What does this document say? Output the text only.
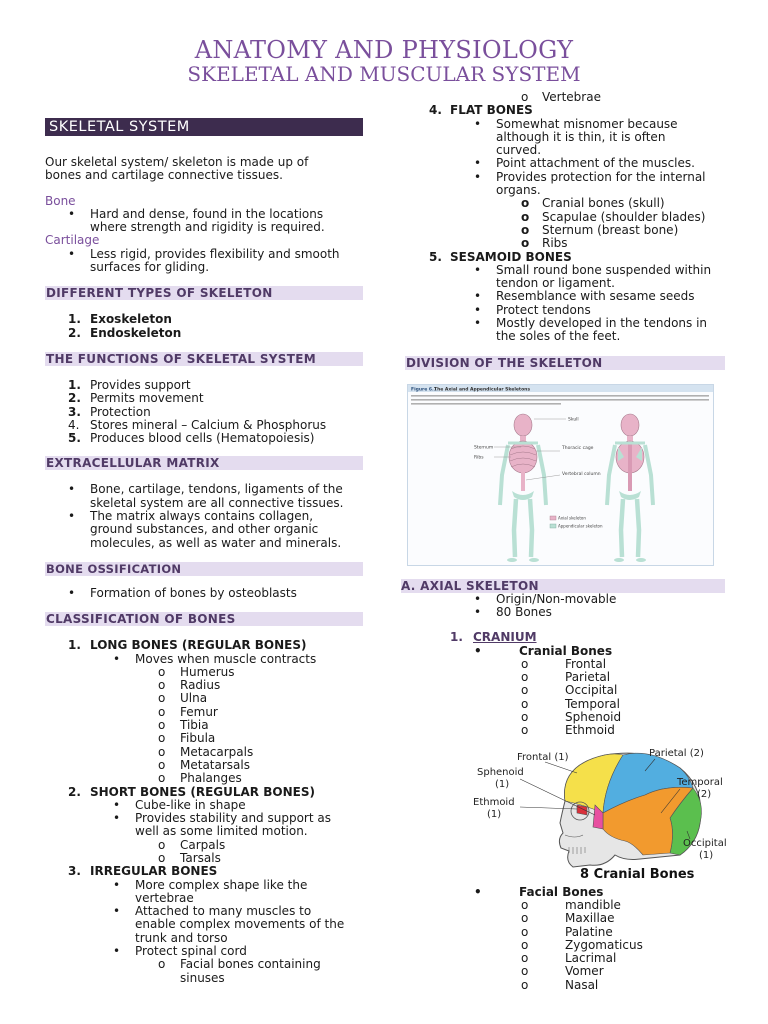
ANATOMY AND PHYSIOLOGY
SKELETAL AND MUSCULAR SYSTEM
SKELETAL SYSTEM

Our skeletal system/ skeleton is made up of
bones and cartilage connective tissues.

Bone

• Hard and dense, found in the locations
where strength and rigidity is required.

Cartilage

• Less rigid, provides flexibility and smooth
surfaces for gliding.
DIFFERENT TYPES OF SKELETON
1. Exoskeleton
2. Endoskeleton
THE FUNCTIONS OF SKELETAL SYSTEM
1. Provides support
2. Permits movement
3. Protection
4. Stores mineral – Calcium & Phosphorus
5. Produces blood cells (Hematopoiesis)
EXTRACELLULAR MATRIX
• Bone, cartilage, tendons, ligaments of the
skeletal system are all connective tissues.
• The matrix always contains collagen,
ground substances, and other organic
molecules, as well as water and minerals.
BONE OSSIFICATION
• Formation of bones by osteoblasts
CLASSIFICATION OF BONES
1. LONG BONES (REGULAR BONES)
• Moves when muscle contracts
o Humerus
o Radius
o Ulna
o Femur
o Tibia
o Fibula
o Metacarpals
o Metatarsals
o Phalanges
2. SHORT BONES (REGULAR BONES)
• Cube-like in shape
• Provides stability and support as
well as some limited motion.
o Carpals
o Tarsals
3. IRREGULAR BONES
• More complex shape like the
vertebrae
• Attached to many muscles to
enable complex movements of the
trunk and torso
• Protect spinal cord
o Facial bones containing
sinuses
o Vertebrae
4. FLAT BONES
• Somewhat misnomer because
although it is thin, it is often
curved.
• Point attachment of the muscles.
• Provides protection for the internal
organs.
o Cranial bones (skull)
o Scapulae (shoulder blades)
o Sternum (breast bone)
o Ribs
5. SESAMOID BONES
• Small round bone suspended within
tendon or ligament.
• Resemblance with sesame seeds
• Protect tendons
• Mostly developed in the tendons in
the soles of the feet.
DIVISION OF THE SKELETON
Figure 6.1
The Axial and Appendicular Skeletons
Skull
Thoracic cage
Sternum
Ribs
Vertebral column
Axial skeleton
Appendicular skeleton
A. AXIAL SKELETON
• Origin/Non-movable
• 80 Bones
1. CRANIUM
• Cranial Bones
o Frontal
o Parietal
o Occipital
o Temporal
o Sphenoid
o Ethmoid
Frontal (1)	Parietal (2)
Sphenoid
(1)	Temporal
(2)
Ethmoid
(1)
Occipital
(1)
8 Cranial Bones
• Facial Bones
o mandible
o Maxillae
o Palatine
o Zygomaticus
o Lacrimal
o Vomer
o Nasal
